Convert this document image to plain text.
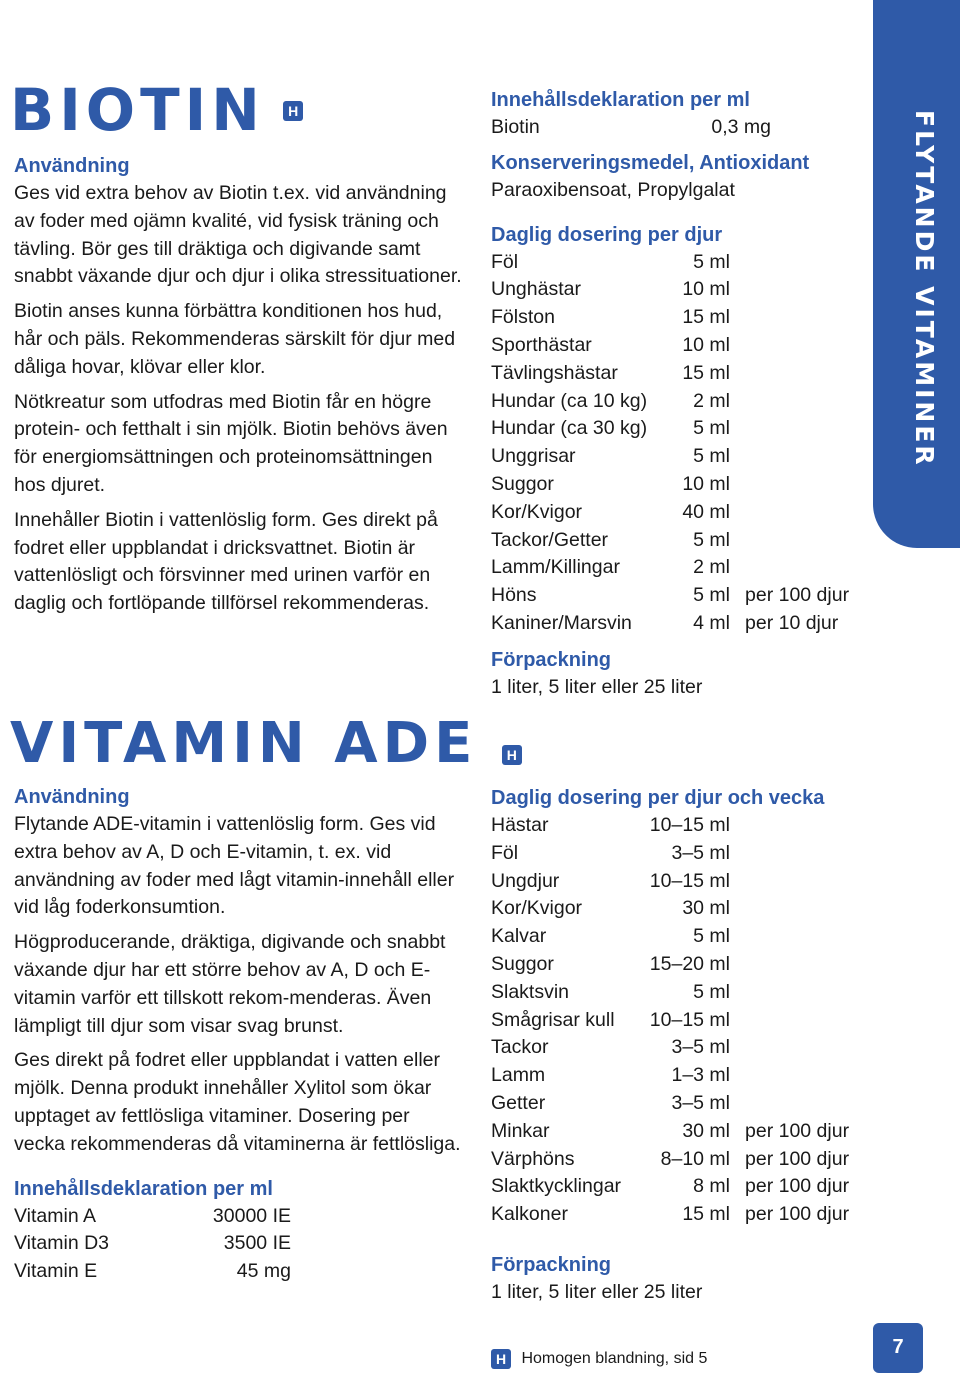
FLYTANDE VITAMINER
BIOTIN H

Användning

Ges vid extra behov av Biotin t.ex. vid användning av foder med ojämn kvalité, vid fysisk träning och tävling. Bör ges till dräktiga och digivande samt snabbt växande djur och djur i olika stressituationer.

Biotin anses kunna förbättra konditionen hos hud, hår och päls. Rekommenderas särskilt för djur med dåliga hovar, klövar eller klor.

Nötkreatur som utfodras med Biotin får en högre protein- och fetthalt i sin mjölk. Biotin behövs även för energiomsättningen och proteinomsättningen hos djuret.

Innehåller Biotin i vattenlöslig form. Ges direkt på fodret eller uppblandat i dricksvattnet. Biotin är vattenlösligt och försvinner med urinen varför en daglig och fortlöpande tillförsel rekommenderas.

Innehållsdeklaration per ml

Biotin	0,3 mg

Konserveringsmedel, Antioxidant

Paraoxibensoat, Propylgalat

Daglig dosering per djur

Föl	5 ml
Unghästar	10 ml
Fölston	15 ml
Sporthästar	10 ml
Tävlingshästar	15 ml
Hundar (ca 10 kg)	2 ml
Hundar (ca 30 kg)	5 ml
Unggrisar	5 ml
Suggor	10 ml
Kor/Kvigor	40 ml
Tackor/Getter	5 ml
Lamm/Killingar	2 ml
Höns	5 ml per 100 djur
Kaniner/Marsvin	4 ml per 10 djur

Förpackning

1 liter, 5 liter eller 25 liter

VITAMIN ADE H

Användning

Flytande ADE-vitamin i vattenlöslig form. Ges vid extra behov av A, D och E-vitamin, t. ex. vid användning av foder med lågt vitamin-innehåll eller vid låg foderkonsumtion.

Högproducerande, dräktiga, digivande och snabbt växande djur har ett större behov av A, D och E-vitamin varför ett tillskott rekom-menderas. Även lämpligt till djur som visar svag brunst.

Ges direkt på fodret eller uppblandat i vatten eller mjölk. Denna produkt innehåller Xylitol som ökar upptaget av fettlösliga vitaminer. Dosering per vecka rekommenderas då vitaminerna är fettlösliga.

Innehållsdeklaration per ml

Vitamin A	30000 IE
Vitamin D3	3500 IE
Vitamin E	45 mg

Daglig dosering per djur och vecka

Hästar	10–15 ml
Föl	3–5 ml
Ungdjur	10–15 ml
Kor/Kvigor	30 ml
Kalvar	5 ml
Suggor	15–20 ml
Slaktsvin	5 ml
Smågrisar kull	10–15 ml
Tackor	3–5 ml
Lamm	1–3 ml
Getter	3–5 ml
Minkar	30 ml per 100 djur
Värphöns	8–10 ml per 100 djur
Slaktkycklingar	8 ml per 100 djur
Kalkoner	15 ml per 100 djur

Förpackning

1 liter, 5 liter eller 25 liter

H Homogen blandning, sid 5
7
